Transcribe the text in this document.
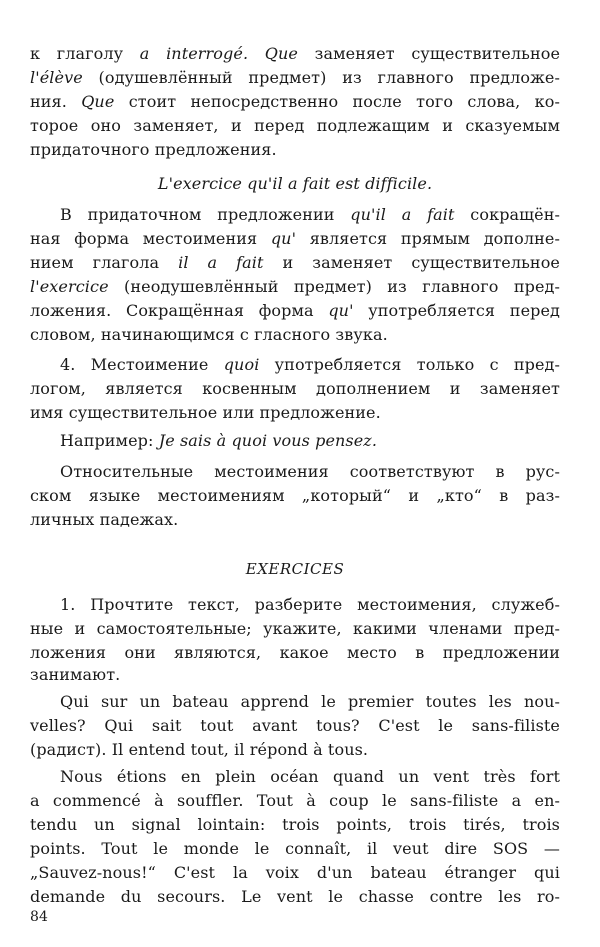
к глаголу a interrogé. Que заменяет существительное

l'élève (одушевлённый предмет) из главного предложе-

ния. Que стоит непосредственно после того слова, ко-

торое оно заменяет, и перед подлежащим и сказуемым

придаточного предложения.

L'exercice qu'il a fait est difficile.

В придаточном предложении qu'il a fait сокращён-

ная форма местоимения qu' является прямым дополне-

нием глагола il a fait и заменяет существительное

l'exercice (неодушевлённый предмет) из главного пред-

ложения. Сокращённая форма qu' употребляется перед

словом, начинающимся с гласного звука.

4. Местоимение quoi употребляется только с пред-

логом, является косвенным дополнением и заменяет

имя существительное или предложение.

Например: Je sais à quoi vous pensez.

Относительные местоимения соответствуют в рус-

ском языке местоимениям „который“ и „кто“ в раз-

личных падежах.

EXERCICES

1. Прочтите текст, разберите местоимения, служеб-

ные и самостоятельные; укажите, какими членами пред-

ложения они являются, какое место в предложении

занимают.

Qui sur un bateau apprend le premier toutes les nou-

velles? Qui sait tout avant tous? C'est le sans-filiste

(радист). Il entend tout, il répond à tous.

Nous étions en plein océan quand un vent très fort

a commencé à souffler. Tout à coup le sans-filiste a en-

tendu un signal lointain: trois points, trois tirés, trois

points. Tout le monde le connaît, il veut dire SOS —

„Sauvez-nous!“ C'est la voix d'un bateau étranger qui

demande du secours. Le vent le chasse contre les ro-

84
